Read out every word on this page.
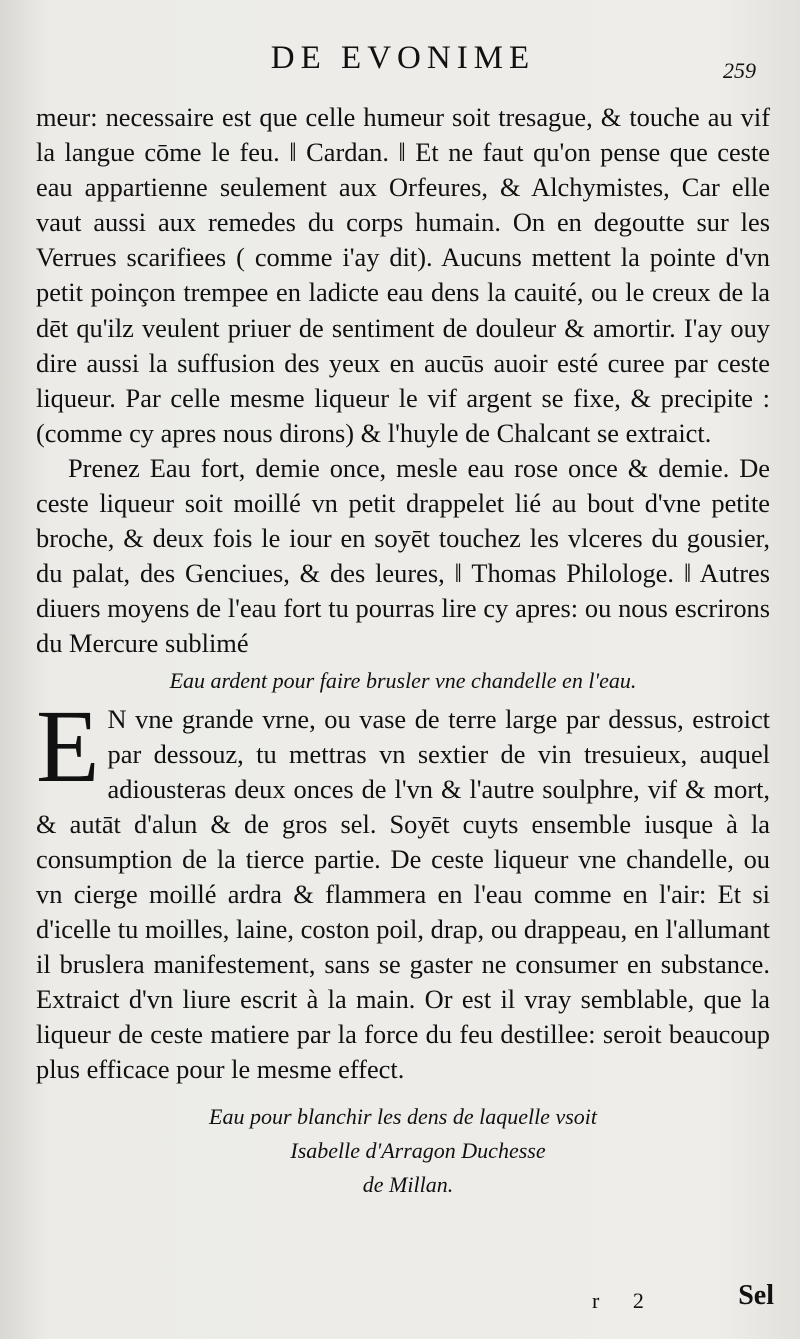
DE EVONIME	259

meur: necessaire est que celle humeur soit tresague, & touche au vif la langue cōme le feu. ‖ Cardan. ‖ Et ne faut qu'on pense que ceste eau appartienne seulement aux Orfeures, & Alchymistes, Car elle vaut aussi aux remedes du corps humain. On en degoutte sur les Verrues scarifiees ( comme i'ay dit). Aucuns mettent la pointe d'vn petit poinçon trempee en ladicte eau dens la cauité, ou le creux de la dēt qu'ilz veulent priuer de sentiment de douleur & amortir. I'ay ouy dire aussi la suffusion des yeux en aucūs auoir esté curee par ceste liqueur. Par celle mesme liqueur le vif argent se fixe, & precipite : (comme cy apres nous dirons) & l'huyle de Chalcant se extraict.

Prenez Eau fort, demie once, mesle eau rose once & demie. De ceste liqueur soit moillé vn petit drappelet lié au bout d'vne petite broche, & deux fois le iour en soyēt touchez les vlceres du gousier, du palat, des Genciues, & des leures, ‖ Thomas Philologe. ‖ Autres diuers moyens de l'eau fort tu pourras lire cy apres: ou nous escrirons du Mercure sublimé

Eau ardent pour faire brusler vne chandelle en l'eau.

E N vne grande vrne, ou vase de terre large par dessus, estroict par dessouz, tu mettras vn sextier de vin tresuieux, auquel adiousteras deux onces de l'vn & l'autre soulphre, vif & mort, & autāt d'alun & de gros sel. Soyēt cuyts ensemble iusque à la consumption de la tierce partie. De ceste liqueur vne chandelle, ou vn cierge moillé ardra & flammera en l'eau comme en l'air: Et si d'icelle tu moilles, laine, coston poil, drap, ou drappeau, en l'allumant il bruslera manifestement, sans se gaster ne consumer en substance. Extraict d'vn liure escrit à la main. Or est il vray semblable, que la liqueur de ceste matiere par la force du feu destillee: seroit beaucoup plus efficace pour le mesme effect.

Eau pour blanchir les dens de laquelle vsoit
Isabelle d'Arragon Duchesse
de Millan.
r 2	Sel
